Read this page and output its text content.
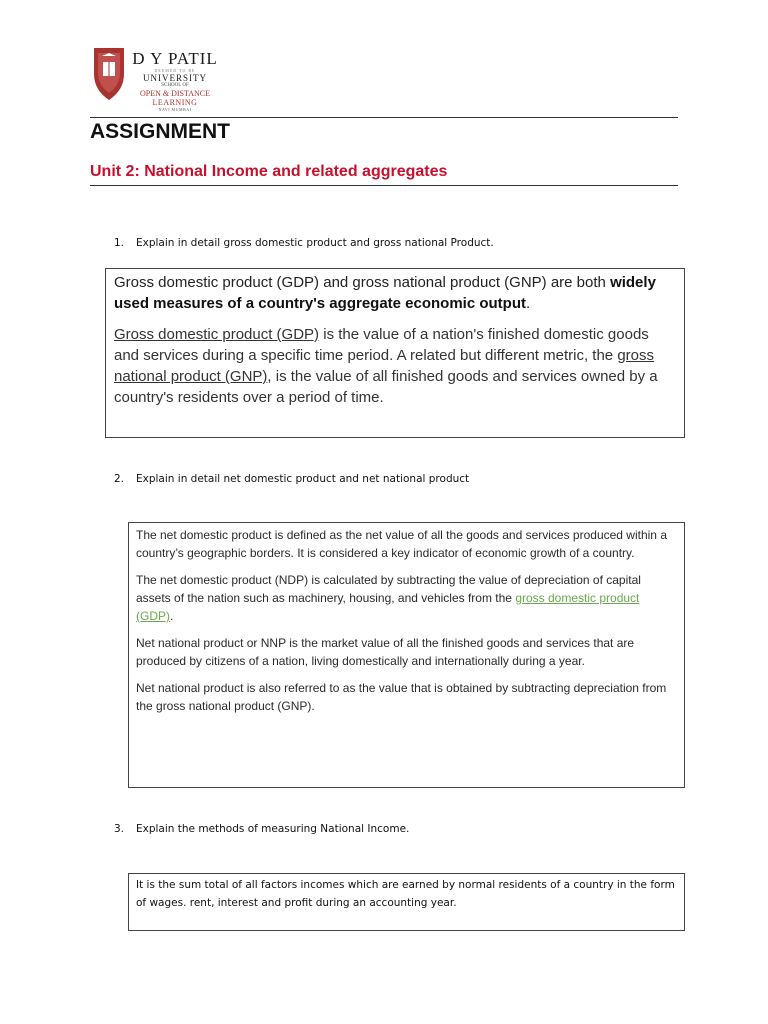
D Y PATIL
DEEMED TO BE
UNIVERSITY
SCHOOL OF
OPEN & DISTANCE
LEARNING
NAVI MUMBAI
ASSIGNMENT
Unit 2: National Income and related aggregates
1. Explain in detail gross domestic product and gross national Product.

Gross domestic product (GDP) and gross national product (GNP) are both widely used measures of a country's aggregate economic output.

Gross domestic product (GDP) is the value of a nation's finished domestic goods and services during a specific time period. A related but different metric, the gross national product (GNP), is the value of all finished goods and services owned by a country's residents over a period of time.

2. Explain in detail net domestic product and net national product

The net domestic product is defined as the net value of all the goods and services produced within a country’s geographic borders. It is considered a key indicator of economic growth of a country.

The net domestic product (NDP) is calculated by subtracting the value of depreciation of capital assets of the nation such as machinery, housing, and vehicles from the gross domestic product (GDP).

Net national product or NNP is the market value of all the finished goods and services that are produced by citizens of a nation, living domestically and internationally during a year.

Net national product is also referred to as the value that is obtained by subtracting depreciation from the gross national product (GNP).

3. Explain the methods of measuring National Income.

It is the sum total of all factors incomes which are earned by normal residents of a country in the form of wages. rent, interest and profit during an accounting year.
